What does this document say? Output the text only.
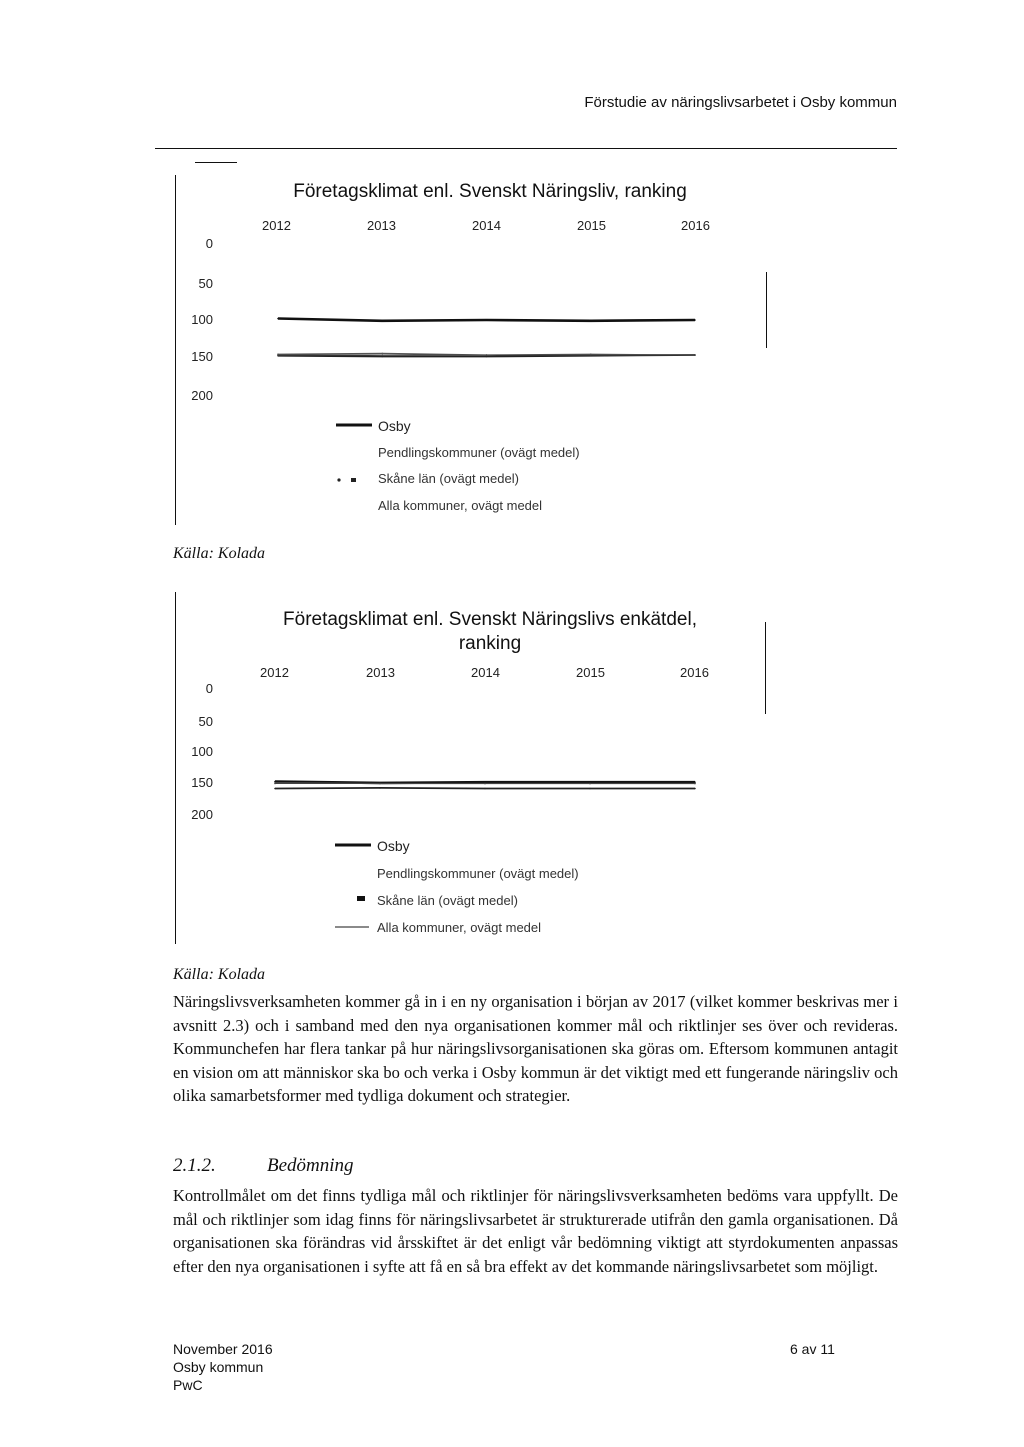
Förstudie av näringslivsarbetet i Osby kommun
Företagsklimat enl. Svenskt Näringsliv, ranking
0
50
100
150
200
2012	2013	2014	2015	2016
Osby
Pendlingskommuner (ovägt medel)
Skåne län (ovägt medel)
Alla kommuner, ovägt medel
Källa: Kolada
Företagsklimat enl. Svenskt Näringslivs enkätdel,
ranking
0
50
100
150
200
2012	2013	2014	2015	2016
Osby
Pendlingskommuner (ovägt medel)
Skåne län (ovägt medel)
Alla kommuner, ovägt medel
Källa: Kolada
Näringslivsverksamheten kommer gå in i en ny organisation i början av 2017 (vilket kommer beskrivas mer i avsnitt 2.3) och i samband med den nya organisationen kommer mål och riktlinjer ses över och revideras. Kommunchefen har flera tankar på hur näringslivsorganisationen ska göras om. Eftersom kommunen antagit en vision om att människor ska bo och verka i Osby kommun är det viktigt med ett fungerande näringsliv och olika samarbetsformer med tydliga dokument och strategier.
2.1.2.	Bedömning
Kontrollmålet om det finns tydliga mål och riktlinjer för näringslivsverksamheten bedöms vara uppfyllt. De mål och riktlinjer som idag finns för näringslivsarbetet är strukturerade utifrån den gamla organisationen. Då organisationen ska förändras vid årsskiftet är det enligt vår bedömning viktigt att styrdokumenten anpassas efter den nya organisationen i syfte att få en så bra effekt av det kommande näringslivsarbetet som möjligt.
November 2016
Osby kommun
PwC
6 av 11
